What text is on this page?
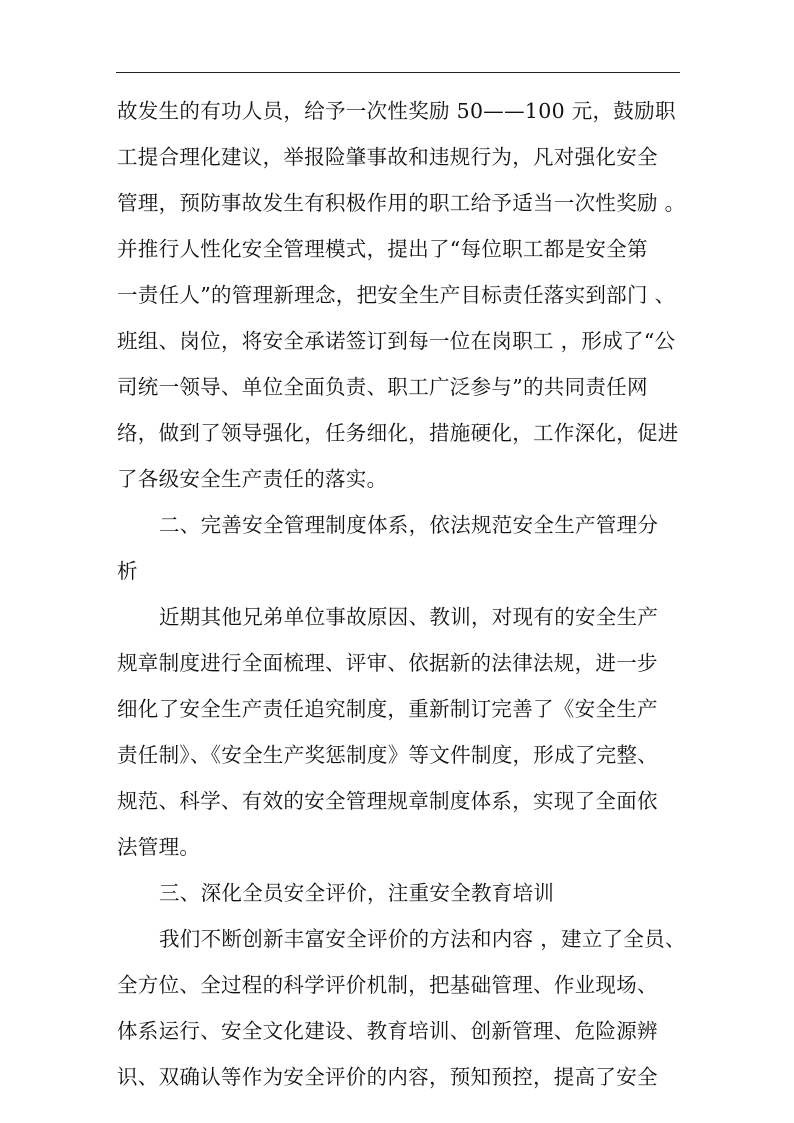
故发生的有功人员，给予一次性奖励 50——100 元，鼓励职
工提合理化建议，举报险肇事故和违规行为，凡对强化安全
管理，预防事故发生有积极作用的职工给予适当一次性奖励 。
并推行人性化安全管理模式，提出了“每位职工都是安全第
一责任人”的管理新理念，把安全生产目标责任落实到部门 、
班组、岗位，将安全承诺签订到每一位在岗职工 ，形成了“公
司统一领导、单位全面负责、职工广泛参与”的共同责任网
络，做到了领导强化，任务细化，措施硬化，工作深化，促进
了各级安全生产责任的落实。
二、完善安全管理制度体系，依法规范安全生产管理分
析
近期其他兄弟单位事故原因、教训，对现有的安全生产
规章制度进行全面梳理、评审、依据新的法律法规，进一步
细化了安全生产责任追究制度，重新制订完善了《安全生产
责任制》、《安全生产奖惩制度》等文件制度，形成了完整、
规范、科学、有效的安全管理规章制度体系，实现了全面依
法管理。
三、深化全员安全评价，注重安全教育培训
我们不断创新丰富安全评价的方法和内容 ，建立了全员、
全方位、全过程的科学评价机制，把基础管理、作业现场、
体系运行、安全文化建设、教育培训、创新管理、危险源辨
识、双确认等作为安全评价的内容，预知预控，提高了安全
